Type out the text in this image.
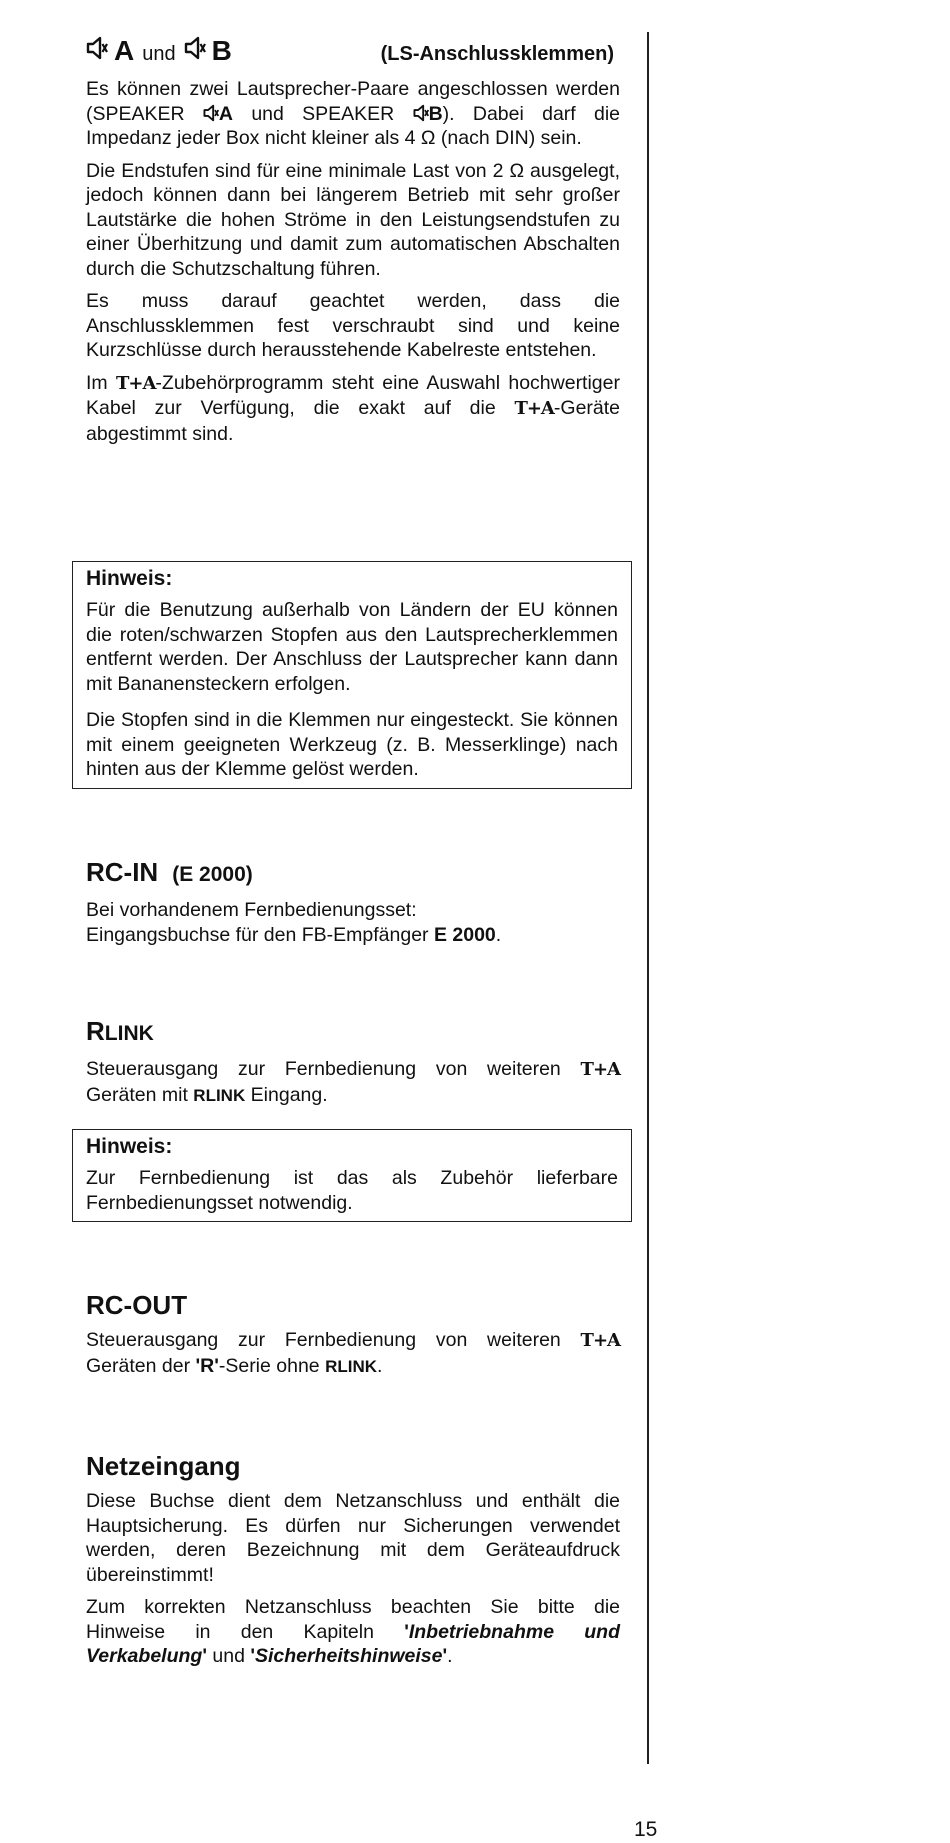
A und B	(LS-Anschlussklemmen)

Es können zwei Lautsprecher-Paare angeschlossen werden (SPEAKER A und SPEAKER B). Dabei darf die Impedanz jeder Box nicht kleiner als 4 Ω (nach DIN) sein.

Die Endstufen sind für eine minimale Last von 2 Ω ausgelegt, jedoch können dann bei längerem Betrieb mit sehr großer Lautstärke die hohen Ströme in den Leistungsendstufen zu einer Überhitzung und damit zum automatischen Abschalten durch die Schutzschaltung führen.

Es muss darauf geachtet werden, dass die Anschlussklemmen fest verschraubt sind und keine Kurzschlüsse durch herausstehende Kabelreste entstehen.

Im T+A-Zubehörprogramm steht eine Auswahl hochwertiger Kabel zur Verfügung, die exakt auf die T+A-Geräte abgestimmt sind.

Hinweis:

Für die Benutzung außerhalb von Ländern der EU können die roten/schwarzen Stopfen aus den Lautsprecherklemmen entfernt werden. Der Anschluss der Lautsprecher kann dann mit Bananensteckern erfolgen.

Die Stopfen sind in die Klemmen nur eingesteckt. Sie können mit einem geeigneten Werkzeug (z. B. Messerklinge) nach hinten aus der Klemme gelöst werden.

RC-IN (E 2000)

Bei vorhandenem Fernbedienungsset:
Eingangsbuchse für den FB-Empfänger E 2000.

RLINK

Steuerausgang zur Fernbedienung von weiteren T+A Geräten mit RLINK Eingang.

Hinweis:

Zur Fernbedienung ist das als Zubehör lieferbare Fernbedienungsset notwendig.

RC-OUT

Steuerausgang zur Fernbedienung von weiteren T+A Geräten der 'R'-Serie ohne RLINK.

Netzeingang

Diese Buchse dient dem Netzanschluss und enthält die Hauptsicherung. Es dürfen nur Sicherungen verwendet werden, deren Bezeichnung mit dem Geräteaufdruck übereinstimmt!

Zum korrekten Netzanschluss beachten Sie bitte die Hinweise in den Kapiteln 'Inbetriebnahme und Verkabelung' und 'Sicherheitshinweise'.

15
